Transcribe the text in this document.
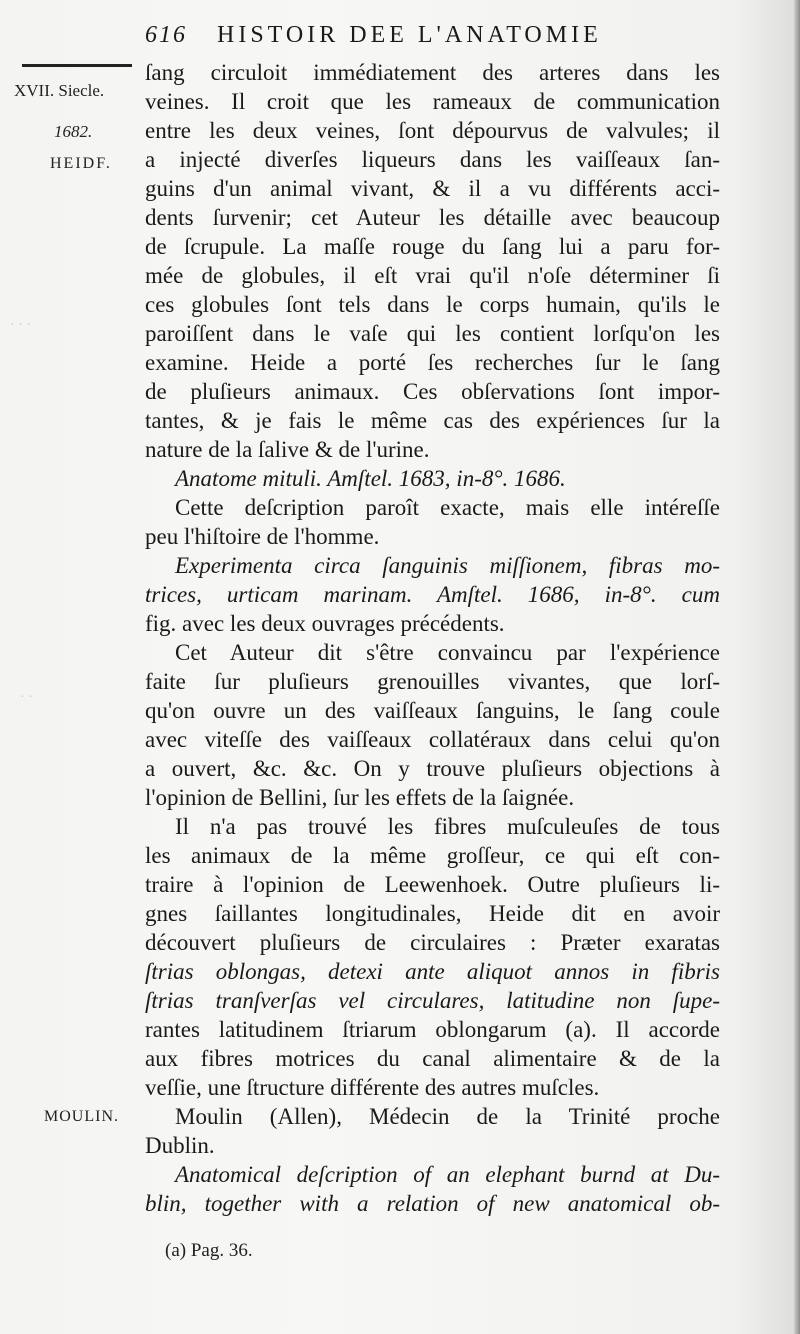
616 HISTOIR DEE L'ANATOMIE
XVII. Siecle.
1682.
HEIDF.
MOULIN.
· · ·
· ·
ſang circuloit immédiatement des arteres dans les
veines. Il croit que les rameaux de communication
entre les deux veines, ſont dépourvus de valvules; il
a injecté diverſes liqueurs dans les vaiſſeaux ſan-
guins d'un animal vivant, & il a vu différents acci-
dents ſurvenir; cet Auteur les détaille avec beaucoup
de ſcrupule. La maſſe rouge du ſang lui a paru for-
mée de globules, il eſt vrai qu'il n'oſe déterminer ſi
ces globules ſont tels dans le corps humain, qu'ils le
paroiſſent dans le vaſe qui les contient lorſqu'on les
examine. Heide a porté ſes recherches ſur le ſang
de pluſieurs animaux. Ces obſervations ſont impor-
tantes, & je fais le même cas des expériences ſur la
nature de la ſalive & de l'urine.
Anatome mituli. Amſtel. 1683, in-8°. 1686.
Cette deſcription paroît exacte, mais elle intéreſſe
peu l'hiſtoire de l'homme.
Experimenta circa ſanguinis miſſionem, fibras mo-
trices, urticam marinam. Amſtel. 1686, in-8°. cum
fig. avec les deux ouvrages précédents.
Cet Auteur dit s'être convaincu par l'expérience
faite ſur pluſieurs grenouilles vivantes, que lorſ-
qu'on ouvre un des vaiſſeaux ſanguins, le ſang coule
avec viteſſe des vaiſſeaux collatéraux dans celui qu'on
a ouvert, &c. &c. On y trouve pluſieurs objections à
l'opinion de Bellini, ſur les effets de la ſaignée.
Il n'a pas trouvé les fibres muſculeuſes de tous
les animaux de la même groſſeur, ce qui eſt con-
traire à l'opinion de Leewenhoek. Outre pluſieurs li-
gnes ſaillantes longitudinales, Heide dit en avoir
découvert pluſieurs de circulaires : Præter exaratas
ſtrias oblongas, detexi ante aliquot annos in fibris
ſtrias tranſverſas vel circulares, latitudine non ſupe-
rantes latitudinem ſtriarum oblongarum (a). Il accorde
aux fibres motrices du canal alimentaire & de la
veſſie, une ſtructure différente des autres muſcles.
Moulin (Allen), Médecin de la Trinité proche
Dublin.
Anatomical deſcription of an elephant burnd at Du-
blin, together with a relation of new anatomical ob-
(a) Pag. 36.
